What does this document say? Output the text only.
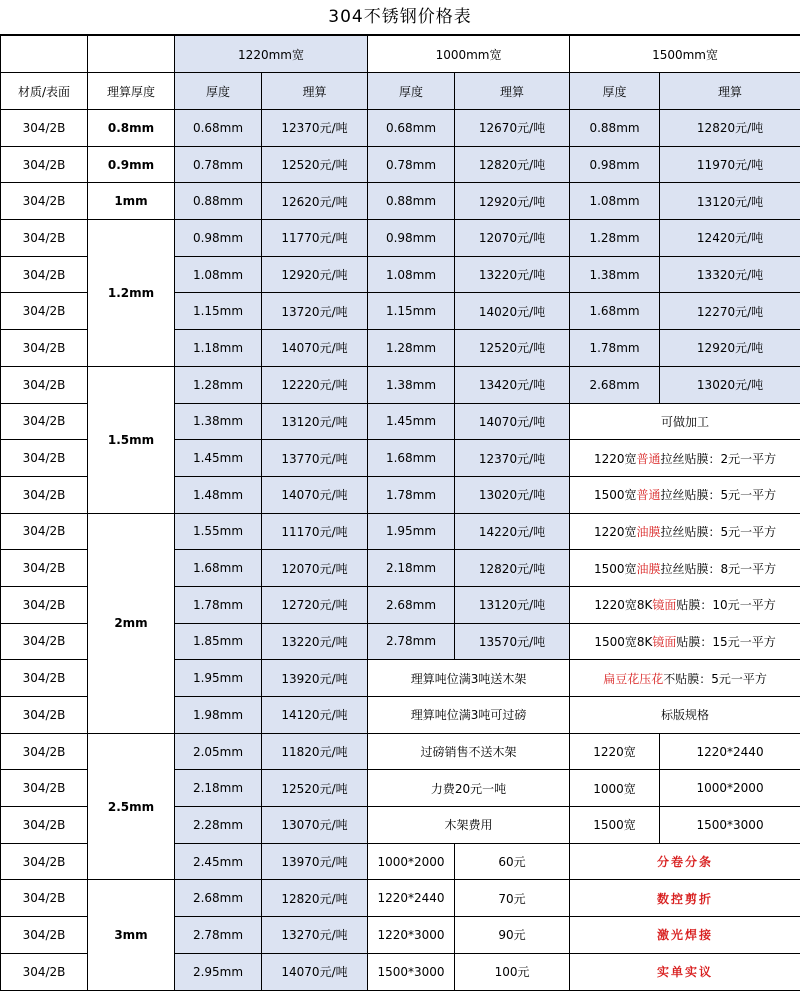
304不锈钢价格表
		1220mm宽		1000mm宽		1500mm宽	
材质/表面	理算厚度	厚度	理算	厚度	理算	厚度	理算
304/2B	0.8mm	0.68mm	12370元/吨	0.68mm	12670元/吨	0.88mm	12820元/吨
304/2B	0.9mm	0.78mm	12520元/吨	0.78mm	12820元/吨	0.98mm	11970元/吨
304/2B	1mm	0.88mm	12620元/吨	0.88mm	12920元/吨	1.08mm	13120元/吨
304/2B	1.2mm	0.98mm	11770元/吨	0.98mm	12070元/吨	1.28mm	12420元/吨
304/2B		1.08mm	12920元/吨	1.08mm	13220元/吨	1.38mm	13320元/吨
304/2B		1.15mm	13720元/吨	1.15mm	14020元/吨	1.68mm	12270元/吨
304/2B		1.18mm	14070元/吨	1.28mm	12520元/吨	1.78mm	12920元/吨
304/2B	1.5mm	1.28mm	12220元/吨	1.38mm	13420元/吨	2.68mm	13020元/吨
304/2B		1.38mm	13120元/吨	1.45mm	14070元/吨	可做加工	
304/2B		1.45mm	13770元/吨	1.68mm	12370元/吨	1220宽普通拉丝贴膜：2元一平方	
304/2B		1.48mm	14070元/吨	1.78mm	13020元/吨	1500宽普通拉丝贴膜：5元一平方	
304/2B	2mm	1.55mm	11170元/吨	1.95mm	14220元/吨	1220宽油膜拉丝贴膜：5元一平方	
304/2B		1.68mm	12070元/吨	2.18mm	12820元/吨	1500宽油膜拉丝贴膜：8元一平方	
304/2B		1.78mm	12720元/吨	2.68mm	13120元/吨	1220宽8K镜面贴膜：10元一平方	
304/2B		1.85mm	13220元/吨	2.78mm	13570元/吨	1500宽8K镜面贴膜：15元一平方	
304/2B		1.95mm	13920元/吨	理算吨位满3吨送木架		扁豆花压花不贴膜：5元一平方	
304/2B		1.98mm	14120元/吨	理算吨位满3吨可过磅		标版规格	
304/2B	2.5mm	2.05mm	11820元/吨	过磅销售不送木架		1220宽	1220*2440
304/2B		2.18mm	12520元/吨	力费20元一吨		1000宽	1000*2000
304/2B		2.28mm	13070元/吨	木架费用		1500宽	1500*3000
304/2B		2.45mm	13970元/吨	1000*2000	60元	分卷分条	
304/2B	3mm	2.68mm	12820元/吨	1220*2440	70元	数控剪折	
304/2B		2.78mm	13270元/吨	1220*3000	90元	激光焊接	
304/2B		2.95mm	14070元/吨	1500*3000	100元	实单实议	
